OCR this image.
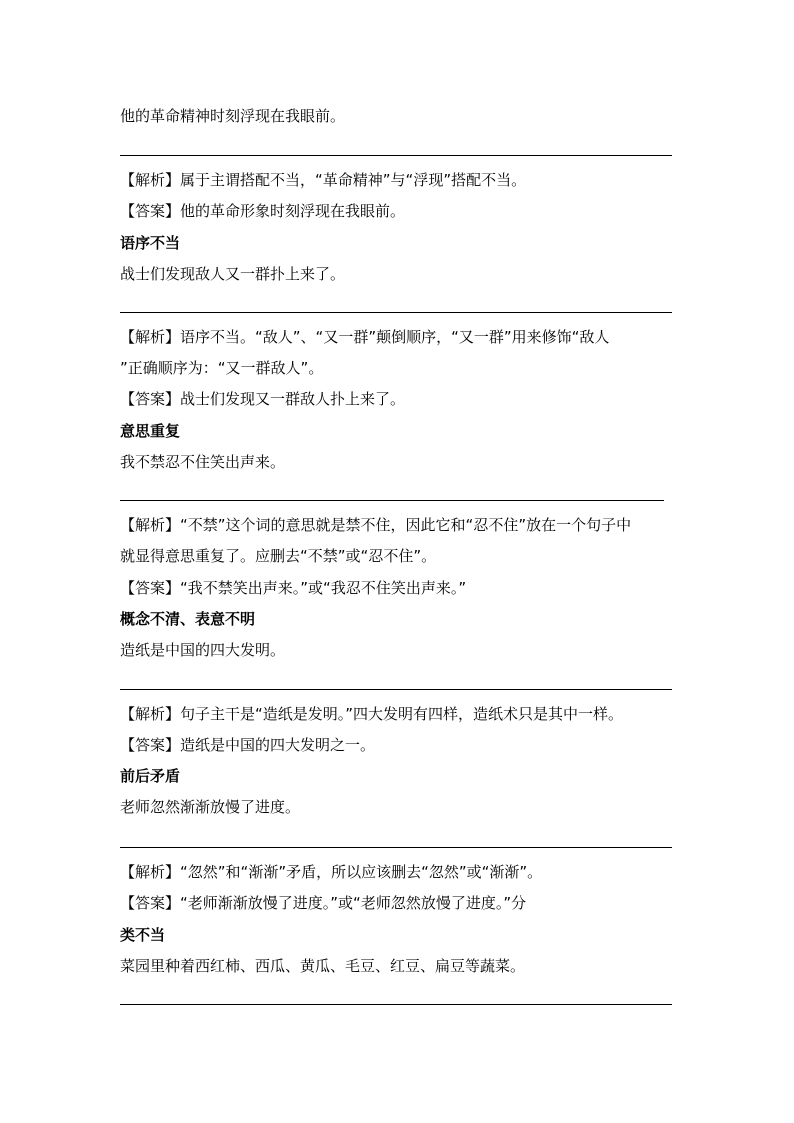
他的革命精神时刻浮现在我眼前。
【解析】属于主谓搭配不当，“革命精神”与“浮现”搭配不当。
【答案】他的革命形象时刻浮现在我眼前。
语序不当
战士们发现敌人又一群扑上来了。
【解析】语序不当。“敌人”、“又一群”颠倒顺序，“又一群”用来修饰“敌人
”正确顺序为：“又一群敌人”。
【答案】战士们发现又一群敌人扑上来了。
意思重复
我不禁忍不住笑出声来。
【解析】“不禁”这个词的意思就是禁不住，因此它和“忍不住”放在一个句子中
就显得意思重复了。应删去“不禁”或“忍不住”。
【答案】“我不禁笑出声来。”或“我忍不住笑出声来。”
概念不清、表意不明
造纸是中国的四大发明。
【解析】句子主干是“造纸是发明。”四大发明有四样，造纸术只是其中一样。
【答案】造纸是中国的四大发明之一。
前后矛盾
老师忽然渐渐放慢了进度。
【解析】“忽然”和“渐渐”矛盾，所以应该删去“忽然”或“渐渐”。
【答案】“老师渐渐放慢了进度。”或“老师忽然放慢了进度。”分
类不当
菜园里种着西红柿、西瓜、黄瓜、毛豆、红豆、扁豆等蔬菜。
